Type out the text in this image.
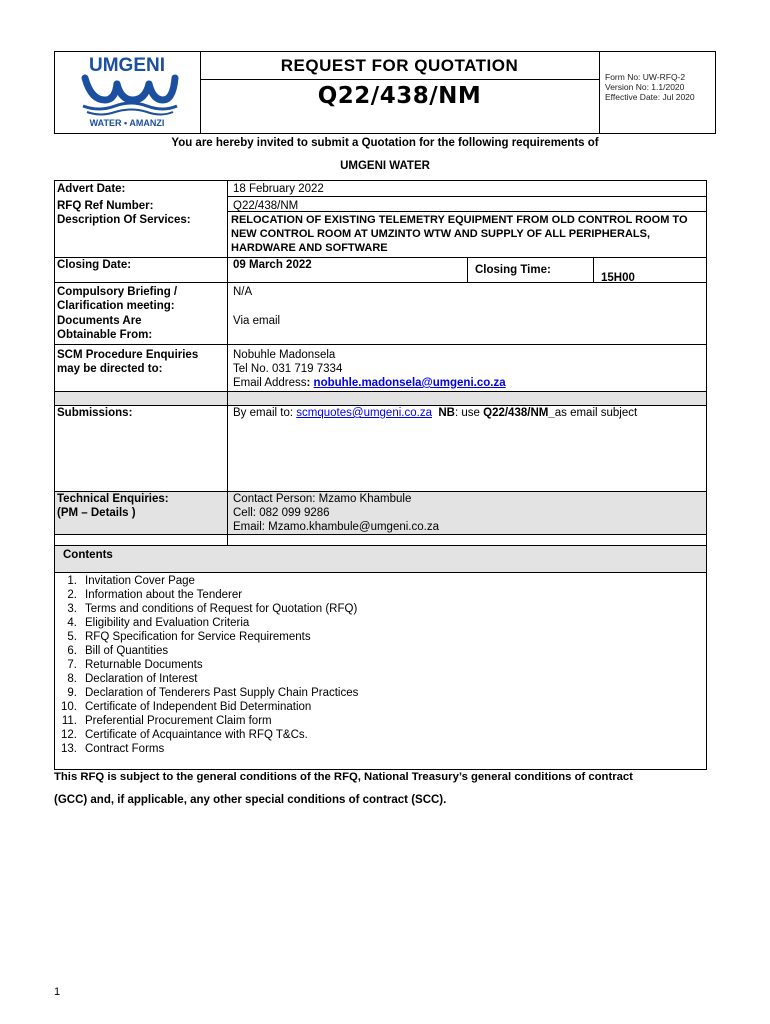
UMGENI
WATER • AMANZI
REQUEST FOR QUOTATION
Q22/438/NM
Form No: UW-RFQ-2
Version No: 1.1/2020
Effective Date: Jul 2020
You are hereby invited to submit a Quotation for the following requirements of
UMGENI WATER
Advert Date:
RFQ Ref Number:
Description Of Services:
Closing Date:
Compulsory Briefing /
Clarification meeting:
Documents Are
Obtainable From:
SCM Procedure Enquiries
may be directed to:
Submissions:
Technical Enquiries:
(PM – Details )
18 February 2022
Q22/438/NM
RELOCATION OF EXISTING TELEMETRY EQUIPMENT FROM OLD CONTROL ROOM TO NEW CONTROL ROOM AT UMZINTO WTW AND SUPPLY OF ALL PERIPHERALS, HARDWARE AND SOFTWARE
09 March 2022	Closing Time:
15H00
N/A
Via email
Nobuhle Madonsela
Tel No. 031 719 7334
Email Address: nobuhle.madonsela@umgeni.co.za
By email to: scmquotes@umgeni.co.za NB: use Q22/438/NM_as email subject
Contact Person: Mzamo Khambule
Cell: 082 099 9286
Email: Mzamo.khambule@umgeni.co.za
Contents
1. Invitation Cover Page
2. Information about the Tenderer
3. Terms and conditions of Request for Quotation (RFQ)
4. Eligibility and Evaluation Criteria
5. RFQ Specification for Service Requirements
6. Bill of Quantities
7. Returnable Documents
8. Declaration of Interest
9. Declaration of Tenderers Past Supply Chain Practices
10. Certificate of Independent Bid Determination
11. Preferential Procurement Claim form
12. Certificate of Acquaintance with RFQ T&Cs.
13. Contract Forms
This RFQ is subject to the general conditions of the RFQ, National Treasury’s general conditions of contract
(GCC) and, if applicable, any other special conditions of contract (SCC).
1
